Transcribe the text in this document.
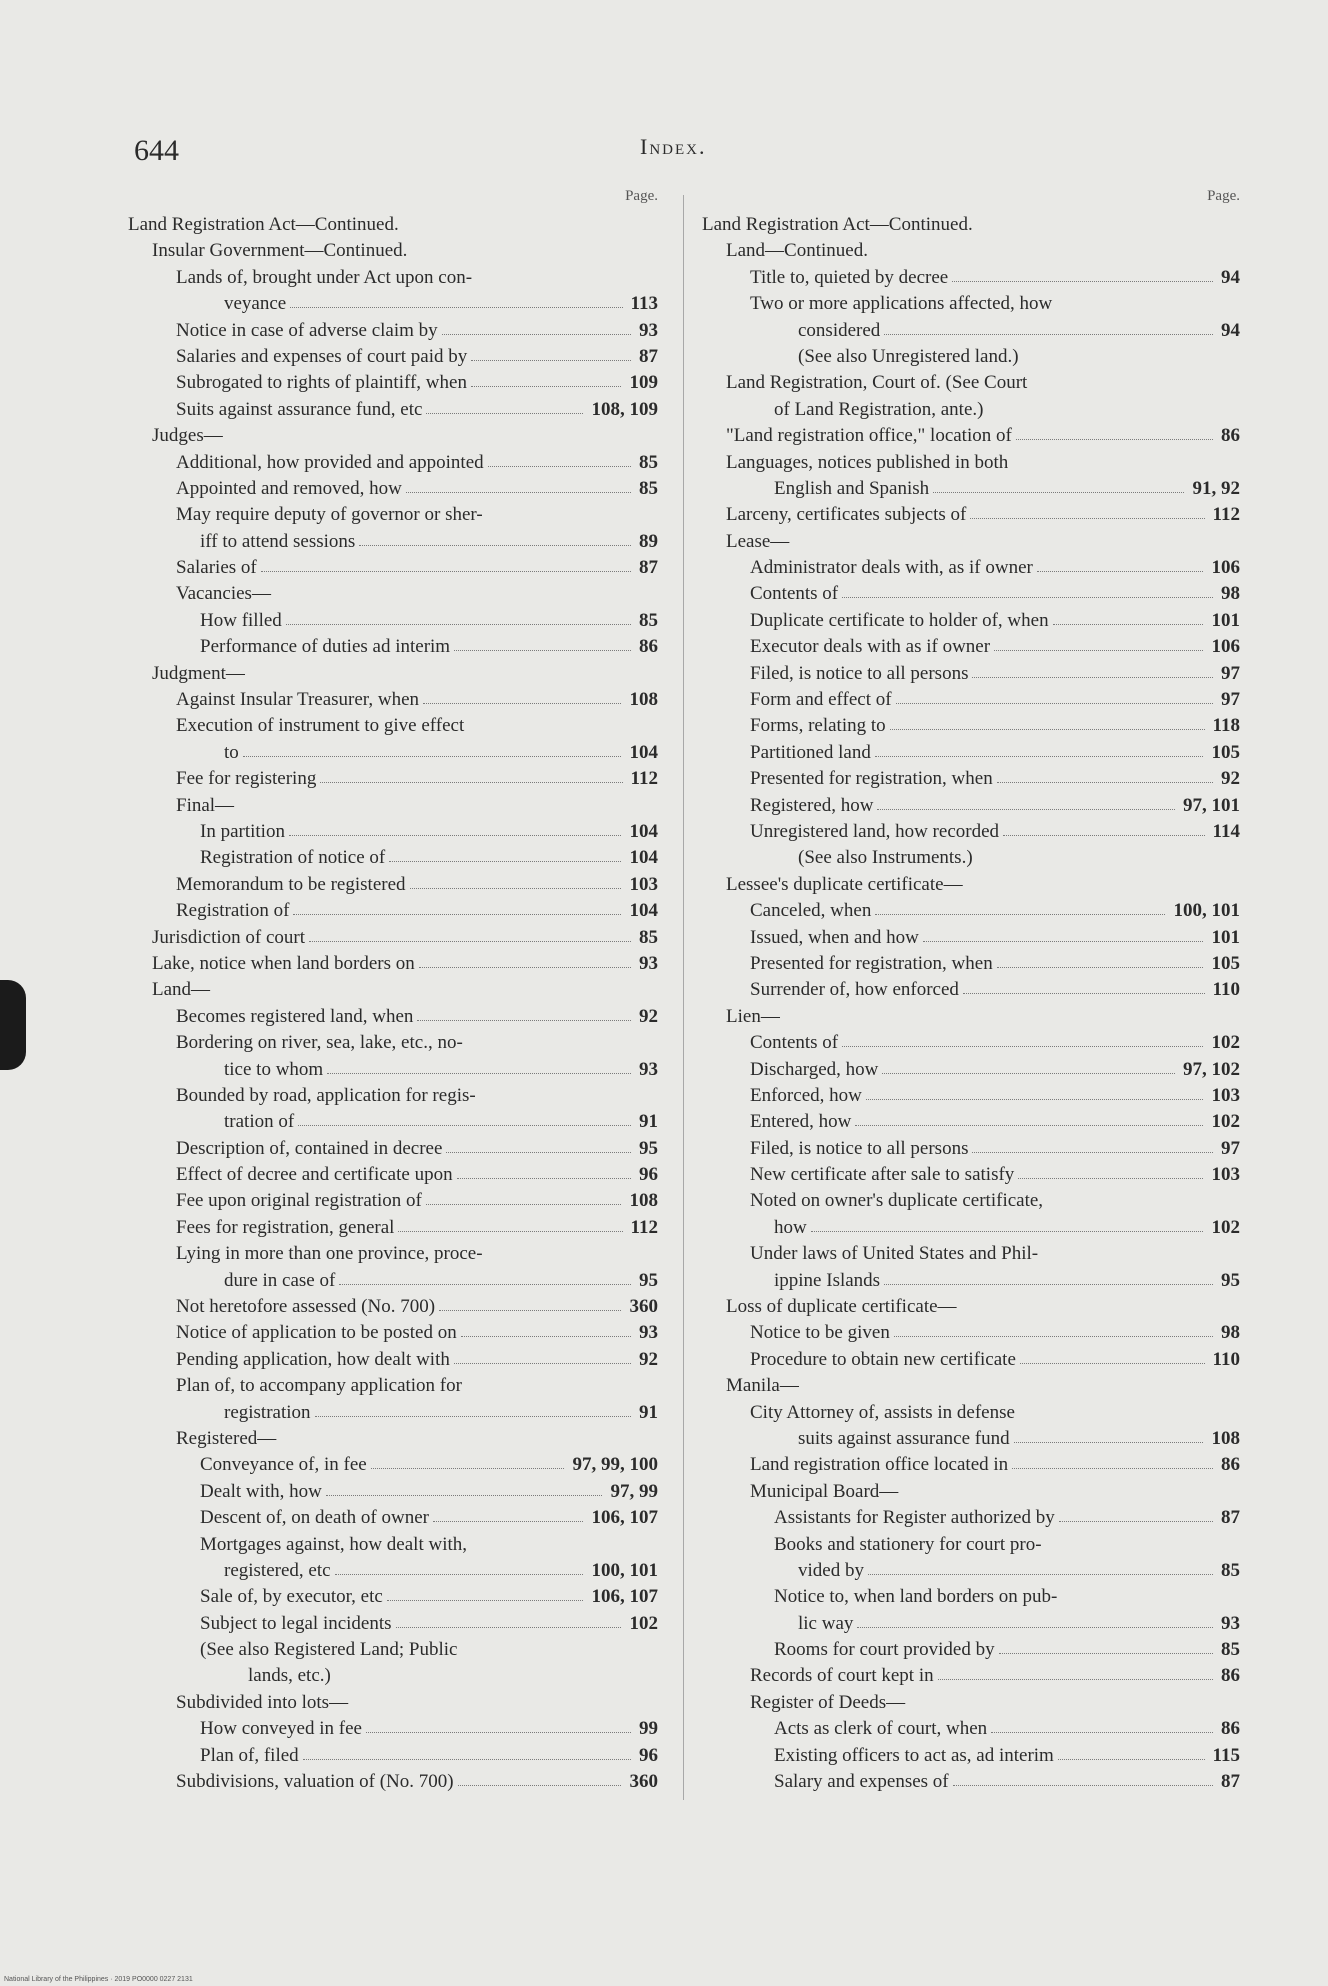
644	Index.
Page.
Land Registration Act—Continued.
Insular Government—Continued.
Lands of, brought under Act upon con-
veyance	113
Notice in case of adverse claim by	93
Salaries and expenses of court paid by	87
Subrogated to rights of plaintiff, when	109
Suits against assurance fund, etc	108, 109
Judges—
Additional, how provided and appointed	85
Appointed and removed, how	85
May require deputy of governor or sher-
iff to attend sessions	89
Salaries of	87
Vacancies—
How filled	85
Performance of duties ad interim	86
Judgment—
Against Insular Treasurer, when	108
Execution of instrument to give effect
to	104
Fee for registering	112
Final—
In partition	104
Registration of notice of	104
Memorandum to be registered	103
Registration of	104
Jurisdiction of court	85
Lake, notice when land borders on	93
Land—
Becomes registered land, when	92
Bordering on river, sea, lake, etc., no-
tice to whom	93
Bounded by road, application for regis-
tration of	91
Description of, contained in decree	95
Effect of decree and certificate upon	96
Fee upon original registration of	108
Fees for registration, general	112
Lying in more than one province, proce-
dure in case of	95
Not heretofore assessed (No. 700)	360
Notice of application to be posted on	93
Pending application, how dealt with	92
Plan of, to accompany application for
registration	91
Registered—
Conveyance of, in fee	97, 99, 100
Dealt with, how	97, 99
Descent of, on death of owner	106, 107
Mortgages against, how dealt with,
registered, etc	100, 101
Sale of, by executor, etc	106, 107
Subject to legal incidents	102
(See also Registered Land; Public
lands, etc.)
Subdivided into lots—
How conveyed in fee	99
Plan of, filed	96
Subdivisions, valuation of (No. 700)	360
Page.
Land Registration Act—Continued.
Land—Continued.
Title to, quieted by decree	94
Two or more applications affected, how
considered	94
(See also Unregistered land.)
Land Registration, Court of. (See Court
of Land Registration, ante.)
"Land registration office," location of	86
Languages, notices published in both
English and Spanish	91, 92
Larceny, certificates subjects of	112
Lease—
Administrator deals with, as if owner	106
Contents of	98
Duplicate certificate to holder of, when	101
Executor deals with as if owner	106
Filed, is notice to all persons	97
Form and effect of	97
Forms, relating to	118
Partitioned land	105
Presented for registration, when	92
Registered, how	97, 101
Unregistered land, how recorded	114
(See also Instruments.)
Lessee's duplicate certificate—
Canceled, when	100, 101
Issued, when and how	101
Presented for registration, when	105
Surrender of, how enforced	110
Lien—
Contents of	102
Discharged, how	97, 102
Enforced, how	103
Entered, how	102
Filed, is notice to all persons	97
New certificate after sale to satisfy	103
Noted on owner's duplicate certificate,
how	102
Under laws of United States and Phil-
ippine Islands	95
Loss of duplicate certificate—
Notice to be given	98
Procedure to obtain new certificate	110
Manila—
City Attorney of, assists in defense
suits against assurance fund	108
Land registration office located in	86
Municipal Board—
Assistants for Register authorized by	87
Books and stationery for court pro-
vided by	85
Notice to, when land borders on pub-
lic way	93
Rooms for court provided by	85
Records of court kept in	86
Register of Deeds—
Acts as clerk of court, when	86
Existing officers to act as, ad interim	115
Salary and expenses of	87
National Library of the Philippines · 2019 PO0000 0227 2131
